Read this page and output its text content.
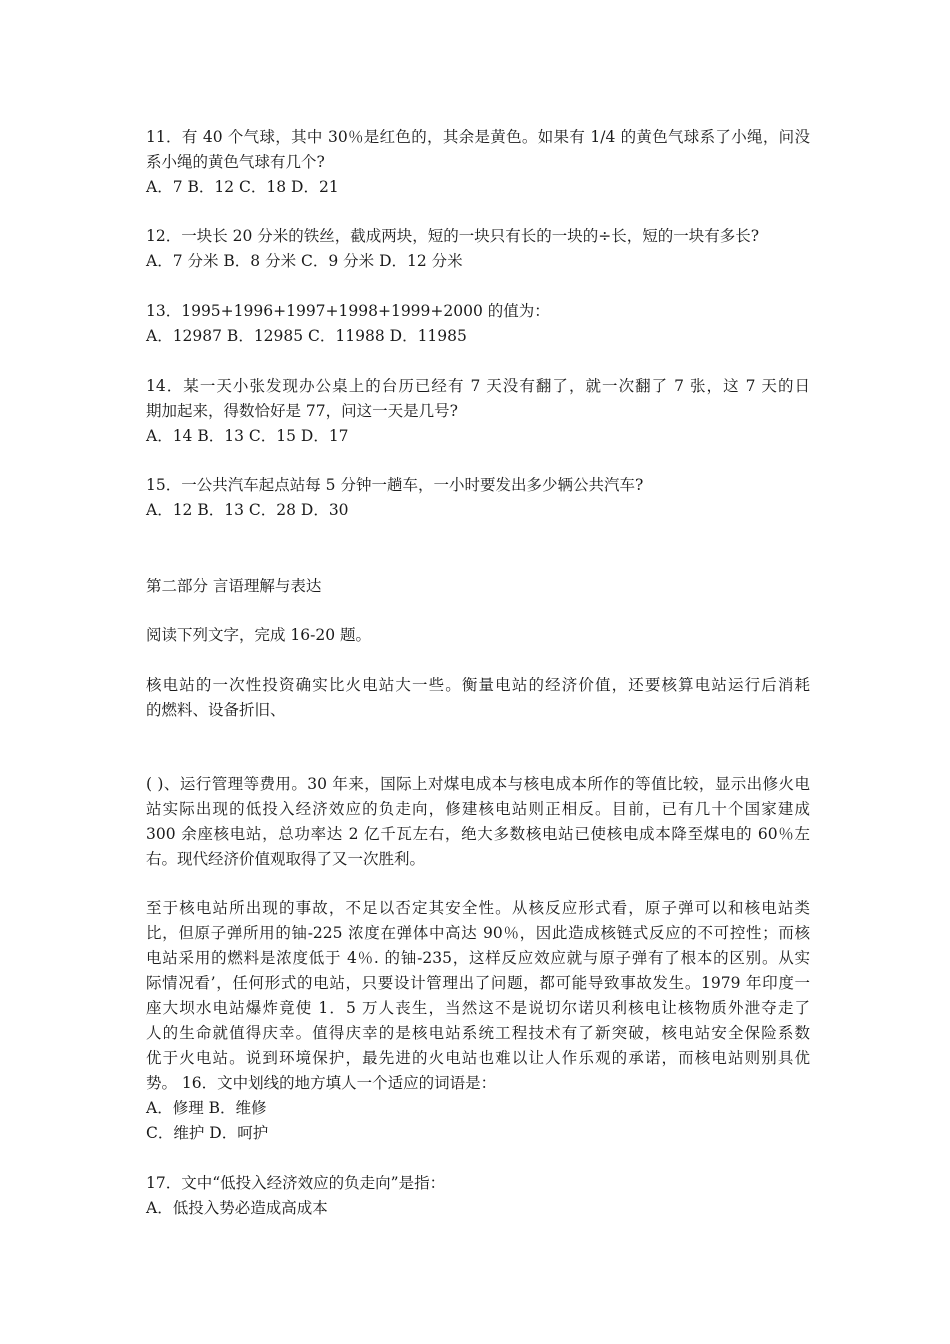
11．有 40 个气球，其中 30％是红色的，其余是黄色。如果有 1/4 的黄色气球系了小绳，问没
系小绳的黄色气球有几个?
A．7 B．12 C．18 D．21
12．一块长 20 分米的铁丝，截成两块，短的一块只有长的一块的÷长，短的一块有多长?
A．7 分米 B．8 分米 C．9 分米 D．12 分米
13．1995+1996+1997+1998+1999+2000 的值为：
A．12987 B．12985 C．11988 D．11985
14．某一天小张发现办公桌上的台历已经有 7 天没有翻了，就一次翻了 7 张，这 7 天的日
期加起来，得数恰好是 77，问这一天是几号?
A．14 B．13 C．15 D．17
15．一公共汽车起点站每 5 分钟一趟车，一小时要发出多少辆公共汽车?
A．12 B．13 C．28 D．30
第二部分 言语理解与表达
阅读下列文字，完成 16-20 题。
核电站的一次性投资确实比火电站大一些。衡量电站的经济价值，还要核算电站运行后消耗
的燃料、设备折旧、
( )、运行管理等费用。30 年来，国际上对煤电成本与核电成本所作的等值比较，显示出修火电
站实际出现的低投入经济效应的负走向，修建核电站则正相反。目前，已有几十个国家建成
300 余座核电站，总功率达 2 亿千瓦左右，绝大多数核电站已使核电成本降至煤电的 60％左
右。现代经济价值观取得了又一次胜利。
至于核电站所出现的事故，不足以否定其安全性。从核反应形式看，原子弹可以和核电站类
比，但原子弹所用的铀-225 浓度在弹体中高达 90％，因此造成核链式反应的不可控性；而核
电站采用的燃料是浓度低于 4％. 的铀-235，这样反应效应就与原子弹有了根本的区别。从实
际情况看’，任何形式的电站，只要设计管理出了问题，都可能导致事故发生。1979 年印度一
座大坝水电站爆炸竟使 1．5 万人丧生，当然这不是说切尔诺贝利核电让核物质外泄夺走了
人的生命就值得庆幸。值得庆幸的是核电站系统工程技术有了新突破，核电站安全保险系数
优于火电站。说到环境保护，最先进的火电站也难以让人作乐观的承诺，而核电站则别具优
势。 16．文中划线的地方填人一个适应的词语是：
A．修理 B．维修
C．维护 D．呵护
17．文中“低投入经济效应的负走向”是指：
A．低投入势必造成高成本
